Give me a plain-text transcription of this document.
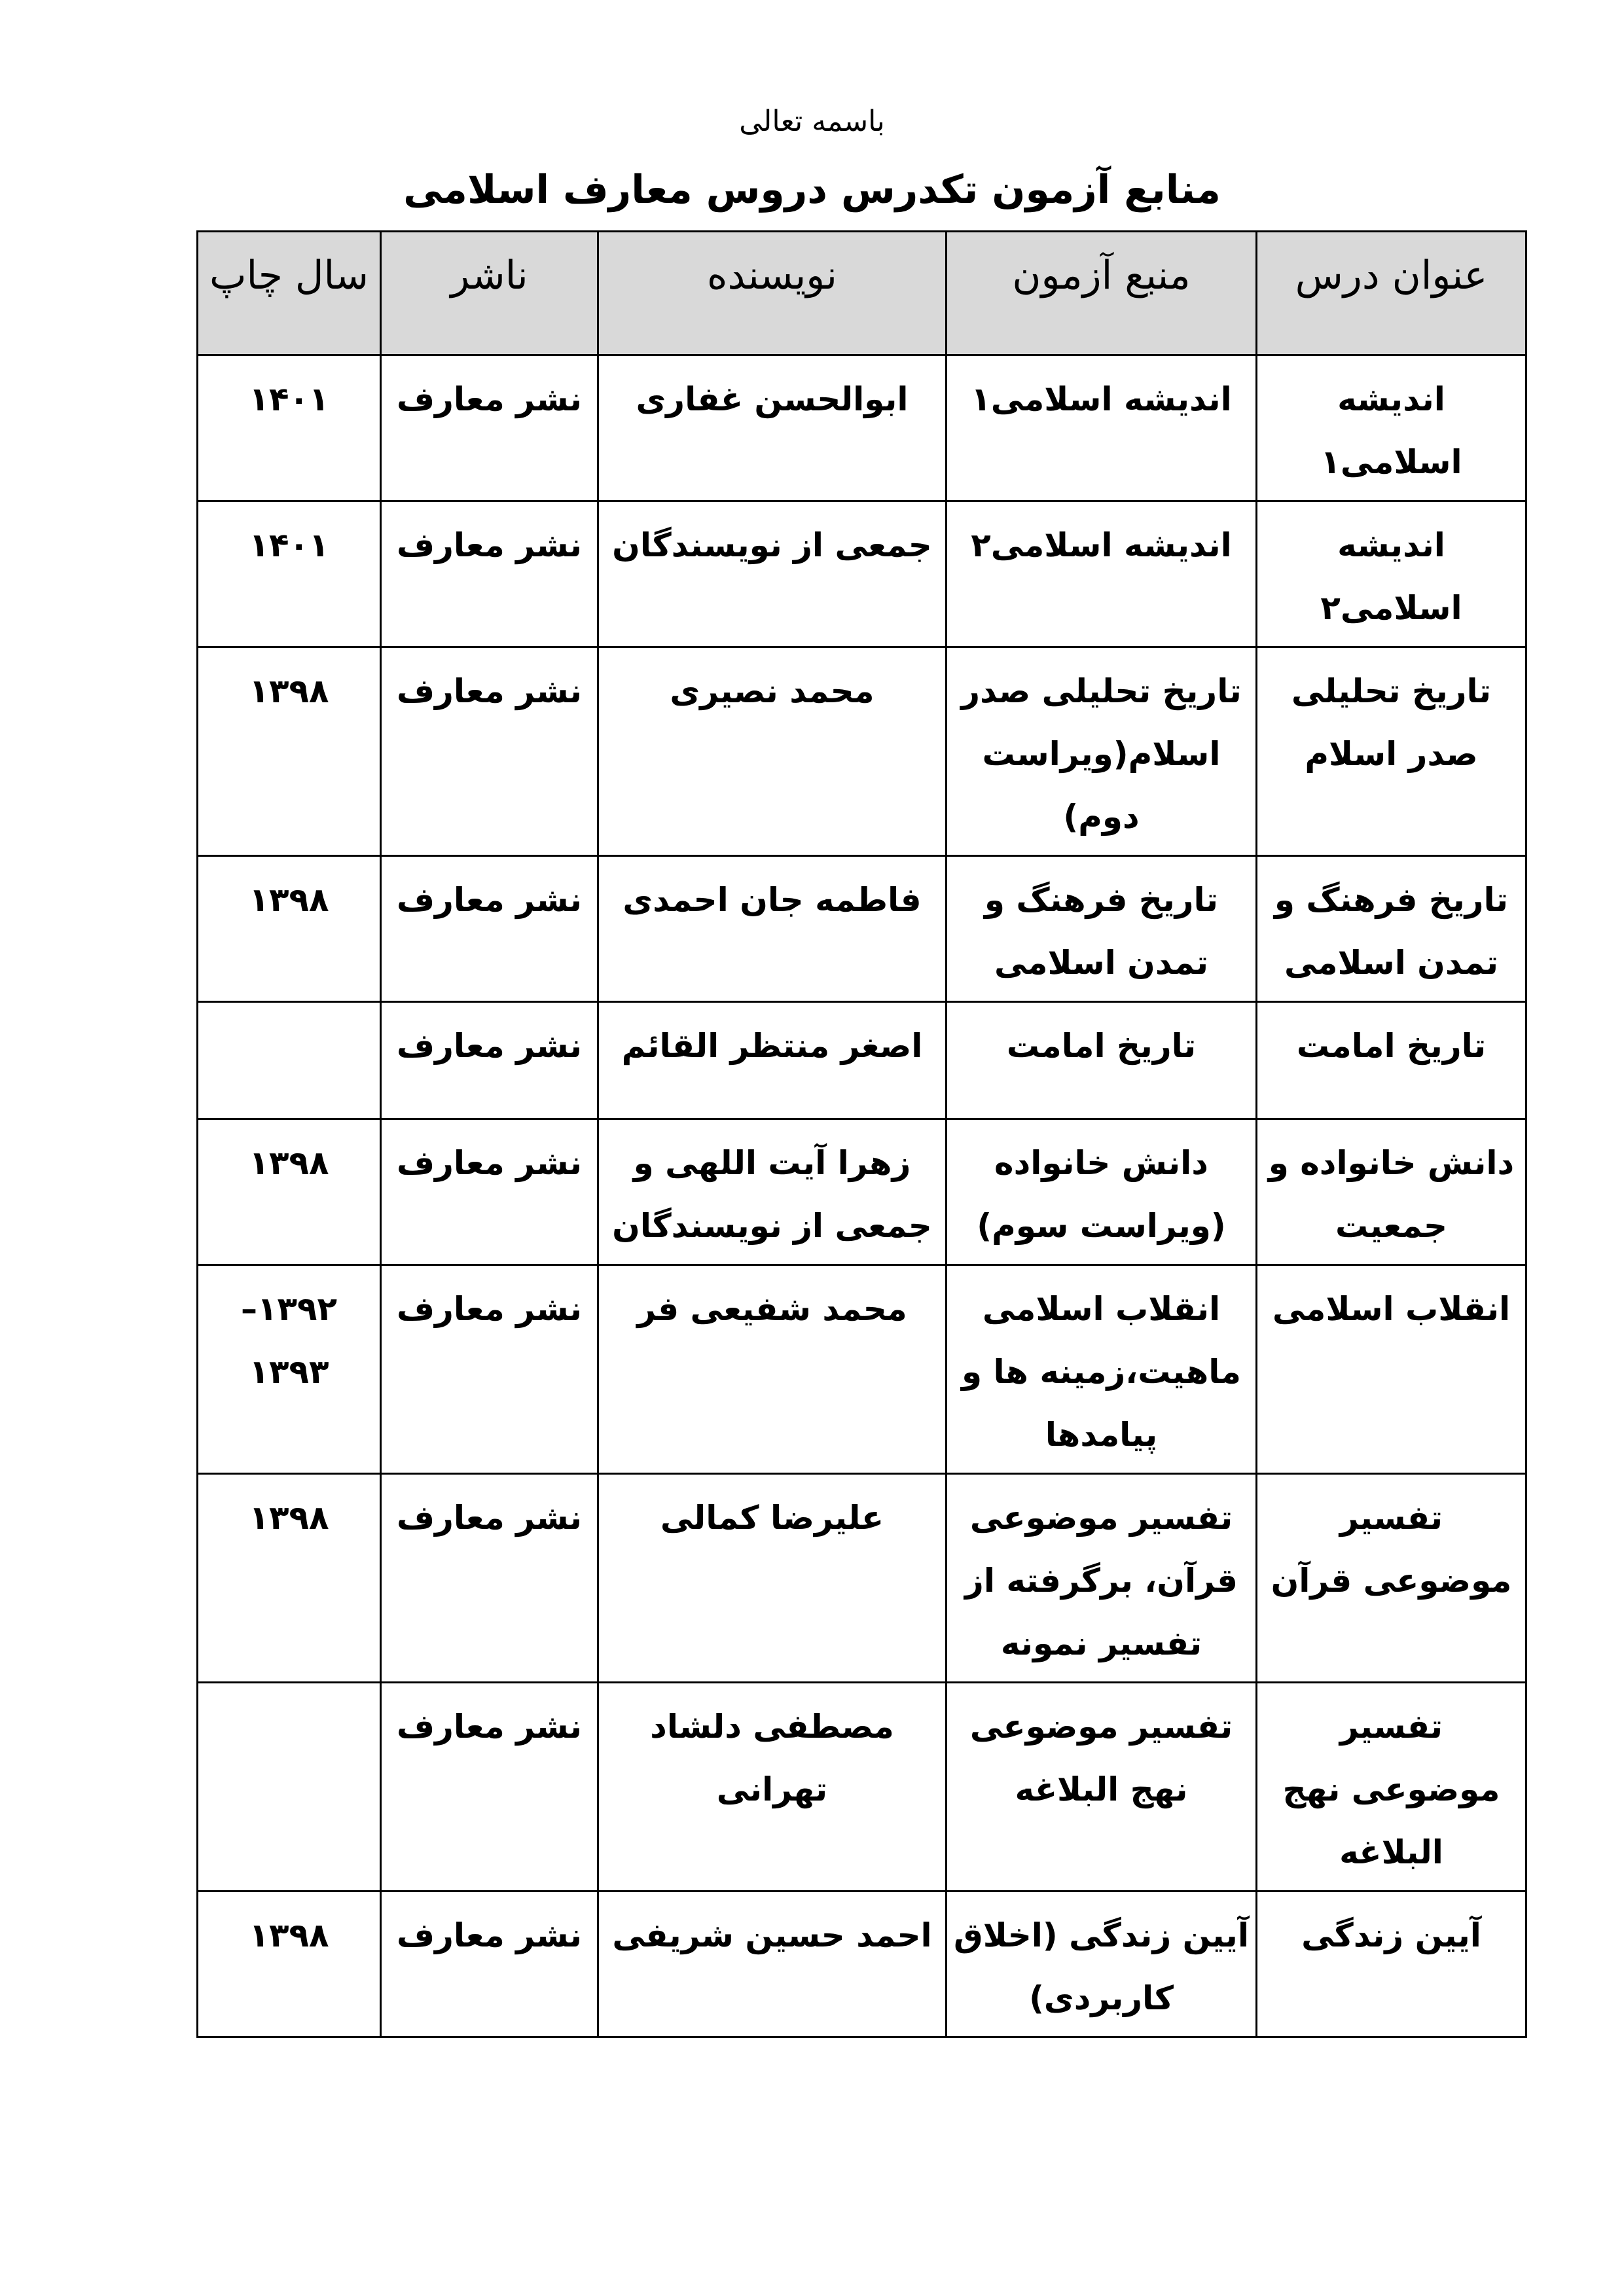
باسمه تعالی
منابع آزمون تکدرس دروس معارف اسلامی
عنوان درس	منبع آزمون	نویسنده	ناشر	سال چاپ
اندیشه اسلامی۱	اندیشه اسلامی۱	ابوالحسن غفاری	نشر معارف	۱۴۰۱
اندیشه اسلامی۲	اندیشه اسلامی۲	جمعی از نویسندگان	نشر معارف	۱۴۰۱
تاریخ تحلیلی صدر اسلام	تاریخ تحلیلی صدر اسلام(ویراست دوم)	محمد نصیری	نشر معارف	۱۳۹۸
تاریخ فرهنگ و تمدن اسلامی	تاریخ فرهنگ و تمدن اسلامی	فاطمه جان احمدی	نشر معارف	۱۳۹۸
تاریخ امامت	تاریخ امامت	اصغر منتظر القائم	نشر معارف	
دانش خانواده و جمعیت	دانش خانواده (ویراست سوم)	زهرا آیت اللهی و جمعی از نویسندگان	نشر معارف	۱۳۹۸
انقلاب اسلامی	انقلاب اسلامی ماهیت،زمینه ها و پیامدها	محمد شفیعی فر	نشر معارف	۱۳۹۲– ۱۳۹۳
تفسیر موضوعی قرآن	تفسیر موضوعی قرآن، برگرفته از تفسیر نمونه	علیرضا کمالی	نشر معارف	۱۳۹۸
تفسیر موضوعی نهج البلاغه	تفسیر موضوعی نهج البلاغه	مصطفی دلشاد تهرانی	نشر معارف	
آیین زندگی	آیین زندگی (اخلاق کاربردی)	احمد حسین شریفی	نشر معارف	۱۳۹۸
